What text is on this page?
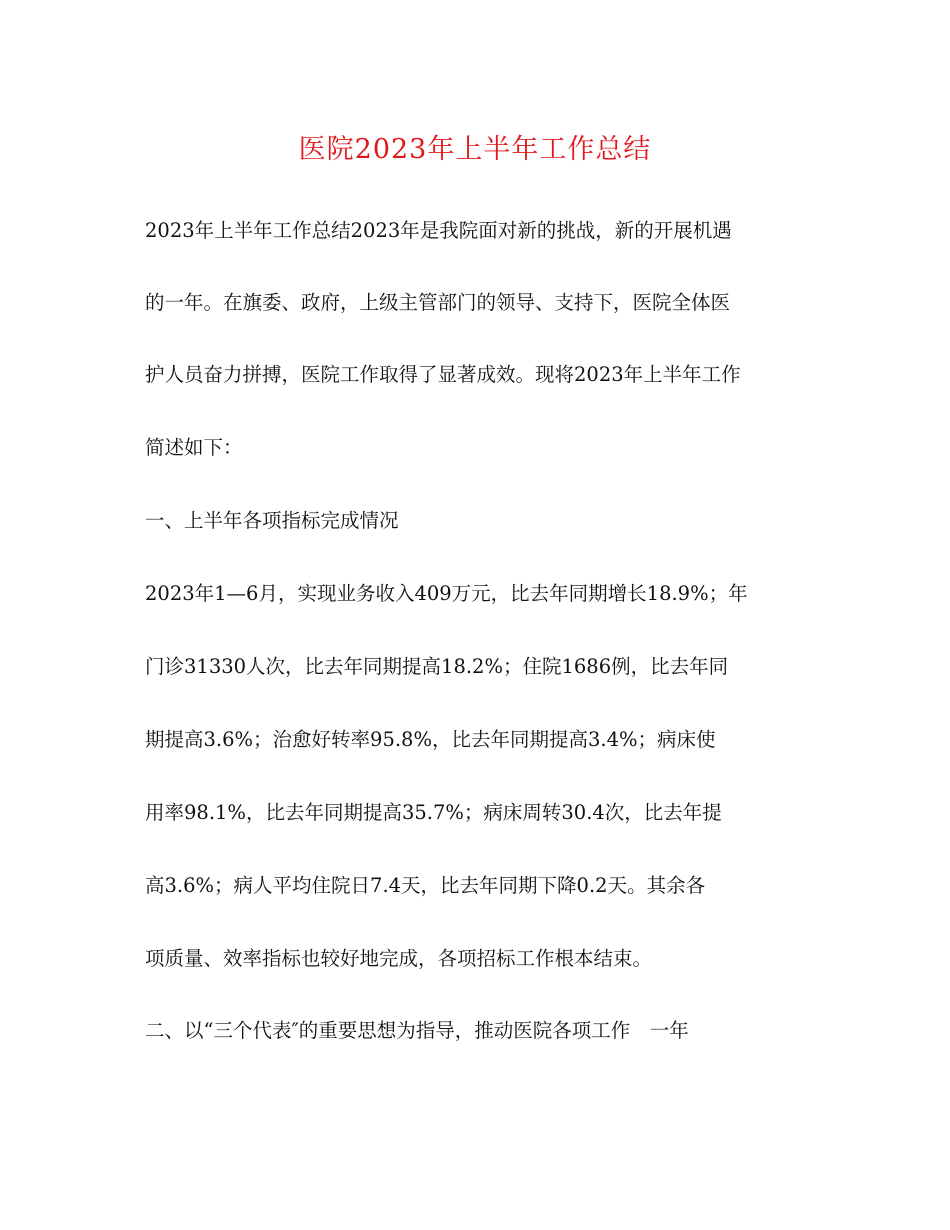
医院2023年上半年工作总结
2023年上半年工作总结2023年是我院面对新的挑战，新的开展机遇
的一年。在旗委、政府，上级主管部门的领导、支持下，医院全体医
护人员奋力拼搏，医院工作取得了显著成效。现将2023年上半年工作
简述如下：
一、上半年各项指标完成情况
2023年1—6月，实现业务收入409万元，比去年同期增长18.9%；年
门诊31330人次，比去年同期提高18.2%；住院1686例，比去年同
期提高3.6%；治愈好转率95.8%，比去年同期提高3.4%；病床使
用率98.1%，比去年同期提高35.7%；病床周转30.4次，比去年提
高3.6%；病人平均住院日7.4天，比去年同期下降0.2天。其余各
项质量、效率指标也较好地完成，各项招标工作根本结束。
二、以“三个代表″的重要思想为指导，推动医院各项工作　一年
